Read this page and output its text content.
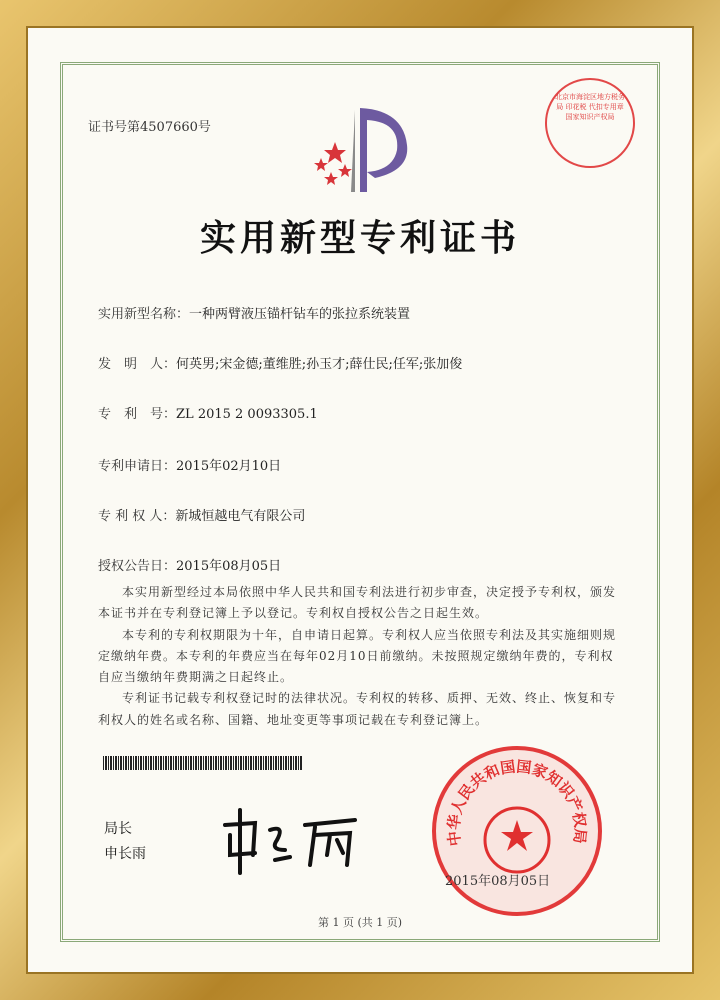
证书号第4507660号
实用新型专利证书
实用新型名称：一种两臂液压锚杆钻车的张拉系统装置
发　明　人：何英男;宋金德;董维胜;孙玉才;薛仕民;任军;张加俊
专　利　号：ZL 2015 2 0093305.1
专利申请日：2015年02月10日
专 利 权 人：新城恒越电气有限公司
授权公告日：2015年08月05日

本实用新型经过本局依照中华人民共和国专利法进行初步审查，决定授予专利权，颁发本证书并在专利登记簿上予以登记。专利权自授权公告之日起生效。

本专利的专利权期限为十年，自申请日起算。专利权人应当依照专利法及其实施细则规定缴纳年费。本专利的年费应当在每年02月10日前缴纳。未按照规定缴纳年费的，专利权自应当缴纳年费期满之日起终止。

专利证书记载专利权登记时的法律状况。专利权的转移、质押、无效、终止、恢复和专利权人的姓名或名称、国籍、地址变更等事项记载在专利登记簿上。

局长
申长雨
中华人民共和国国家知识产权局
2015年08月05日
北京市海淀区地方税务局 印花税 代扣专用章 国家知识产权局
第 1 页 (共 1 页)
